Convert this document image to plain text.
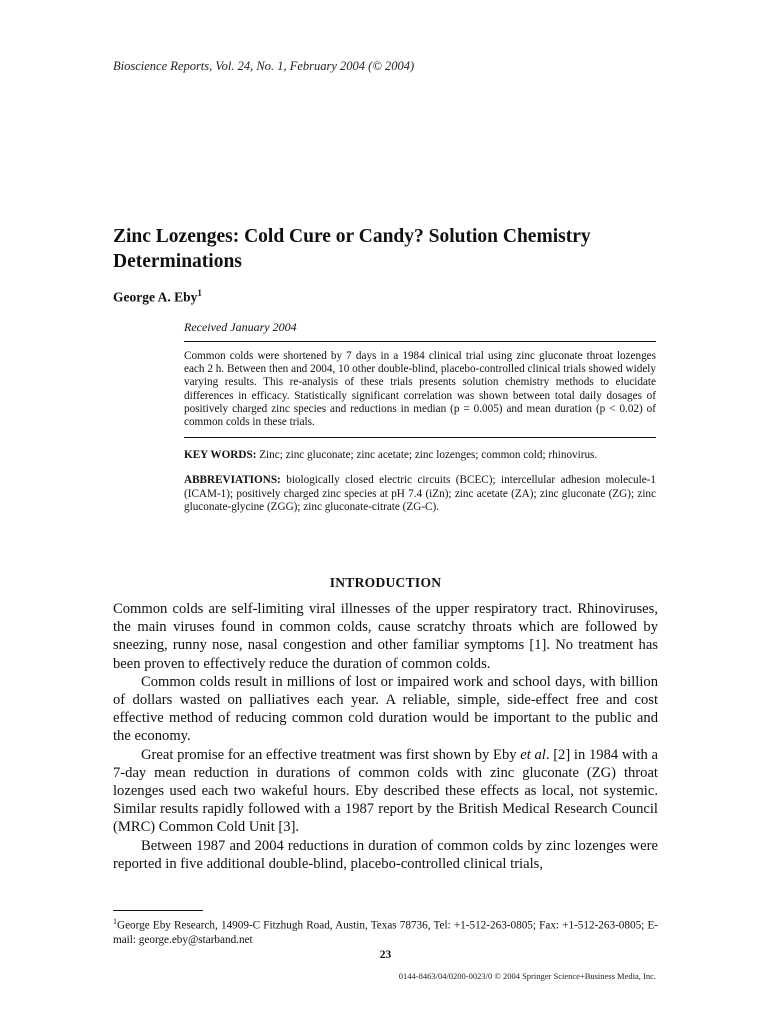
Bioscience Reports, Vol. 24, No. 1, February 2004 (© 2004)
Zinc Lozenges: Cold Cure or Candy? Solution Chemistry Determinations
George A. Eby$^1$
Received January 2004
Common colds were shortened by 7 days in a 1984 clinical trial using zinc gluconate throat lozenges each 2 h. Between then and 2004, 10 other double-blind, placebo-controlled clinical trials showed widely varying results. This re-analysis of these trials presents solution chemistry methods to elucidate differences in efficacy. Statistically significant correlation was shown between total daily dosages of positively charged zinc species and reductions in median (p = 0.005) and mean duration (p < 0.02) of common colds in these trials.
KEY WORDS: Zinc; zinc gluconate; zinc acetate; zinc lozenges; common cold; rhinovirus.
ABBREVIATIONS: biologically closed electric circuits (BCEC); intercellular adhesion molecule-1 (ICAM-1); positively charged zinc species at pH 7.4 (iZn); zinc acetate (ZA); zinc gluconate (ZG); zinc gluconate-glycine (ZGG); zinc gluconate-citrate (ZG-C).
INTRODUCTION

Common colds are self-limiting viral illnesses of the upper respiratory tract. Rhinoviruses, the main viruses found in common colds, cause scratchy throats which are followed by sneezing, runny nose, nasal congestion and other familiar symptoms [1]. No treatment has been proven to effectively reduce the duration of common colds.

Common colds result in millions of lost or impaired work and school days, with billion of dollars wasted on palliatives each year. A reliable, simple, side-effect free and cost effective method of reducing common cold duration would be important to the public and the economy.

Great promise for an effective treatment was first shown by Eby et al. [2] in 1984 with a 7-day mean reduction in durations of common colds with zinc gluconate (ZG) throat lozenges used each two wakeful hours. Eby described these effects as local, not systemic. Similar results rapidly followed with a 1987 report by the British Medical Research Council (MRC) Common Cold Unit [3].

Between 1987 and 2004 reductions in duration of common colds by zinc lozenges were reported in five additional double-blind, placebo-controlled clinical trials,

$^1$George Eby Research, 14909-C Fitzhugh Road, Austin, Texas 78736, Tel: +1-512-263-0805; Fax: +1-512-263-0805; E-mail: george.eby@starband.net
23
0144-8463/04/0200-0023/0 © 2004 Springer Science+Business Media, Inc.
